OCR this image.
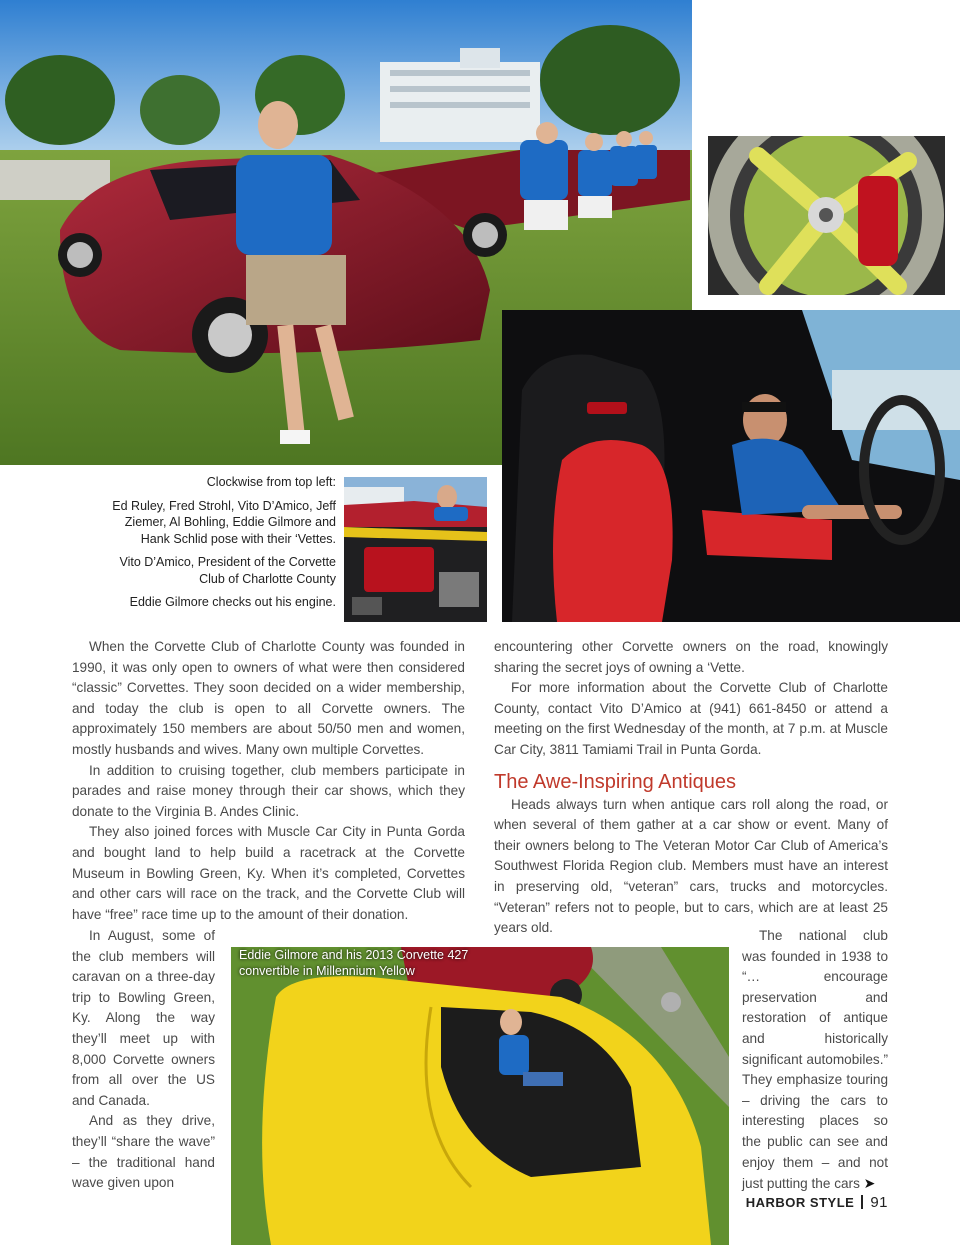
Clockwise from top left:

Ed Ruley, Fred Strohl, Vito D’Amico, Jeff Ziemer, Al Bohling, Eddie Gilmore and Hank Schlid pose with their ‘Vettes.

Vito D’Amico, President of the Corvette Club of Charlotte County

Eddie Gilmore checks out his engine.

Eddie Gilmore and his 2013 Corvette 427 convertible in Millennium Yellow

When the Corvette Club of Charlotte County was founded in 1990, it was only open to owners of what were then considered “classic” Corvettes. They soon decided on a wider membership, and today the club is open to all Corvette owners. The approximately 150 members are about 50/50 men and women, mostly husbands and wives. Many own multiple Corvettes.

In addition to cruising together, club members participate in parades and raise money through their car shows, which they donate to the Virginia B. Andes Clinic.

They also joined forces with Muscle Car City in Punta Gorda and bought land to help build a racetrack at the Corvette Museum in Bowling Green, Ky. When it’s completed, Corvettes and other cars will race on the track, and the Corvette Club will have “free” race time up to the amount of their donation.

In August, some of the club members will caravan on a three-day trip to Bowling Green, Ky. Along the way they’ll meet up with 8,000 Corvette owners from all over the US and Canada.

And as they drive, they’ll “share the wave” – the traditional hand wave given upon

encountering other Corvette owners on the road, knowingly sharing the secret joys of owning a ‘Vette.

For more information about the Corvette Club of Charlotte County, contact Vito D’Amico at (941) 661-8450 or attend a meeting on the first Wednesday of the month, at 7 p.m. at Muscle Car City, 3811 Tamiami Trail in Punta Gorda.

The Awe-Inspiring Antiques

Heads always turn when antique cars roll along the road, or when several of them gather at a car show or event. Many of their owners belong to The Veteran Motor Car Club of America’s Southwest Florida Region club. Members must have an interest in preserving old, “veteran” cars, trucks and motorcycles. “Veteran” refers not to people, but to cars, which are at least 25 years old.

The national club was founded in 1938 to “… encourage preservation and restoration of antique and historically significant automobiles.” They emphasize touring – driving the cars to interesting places so the public can see and enjoy them – and not just putting the cars ➤

HARBOR STYLE 91
